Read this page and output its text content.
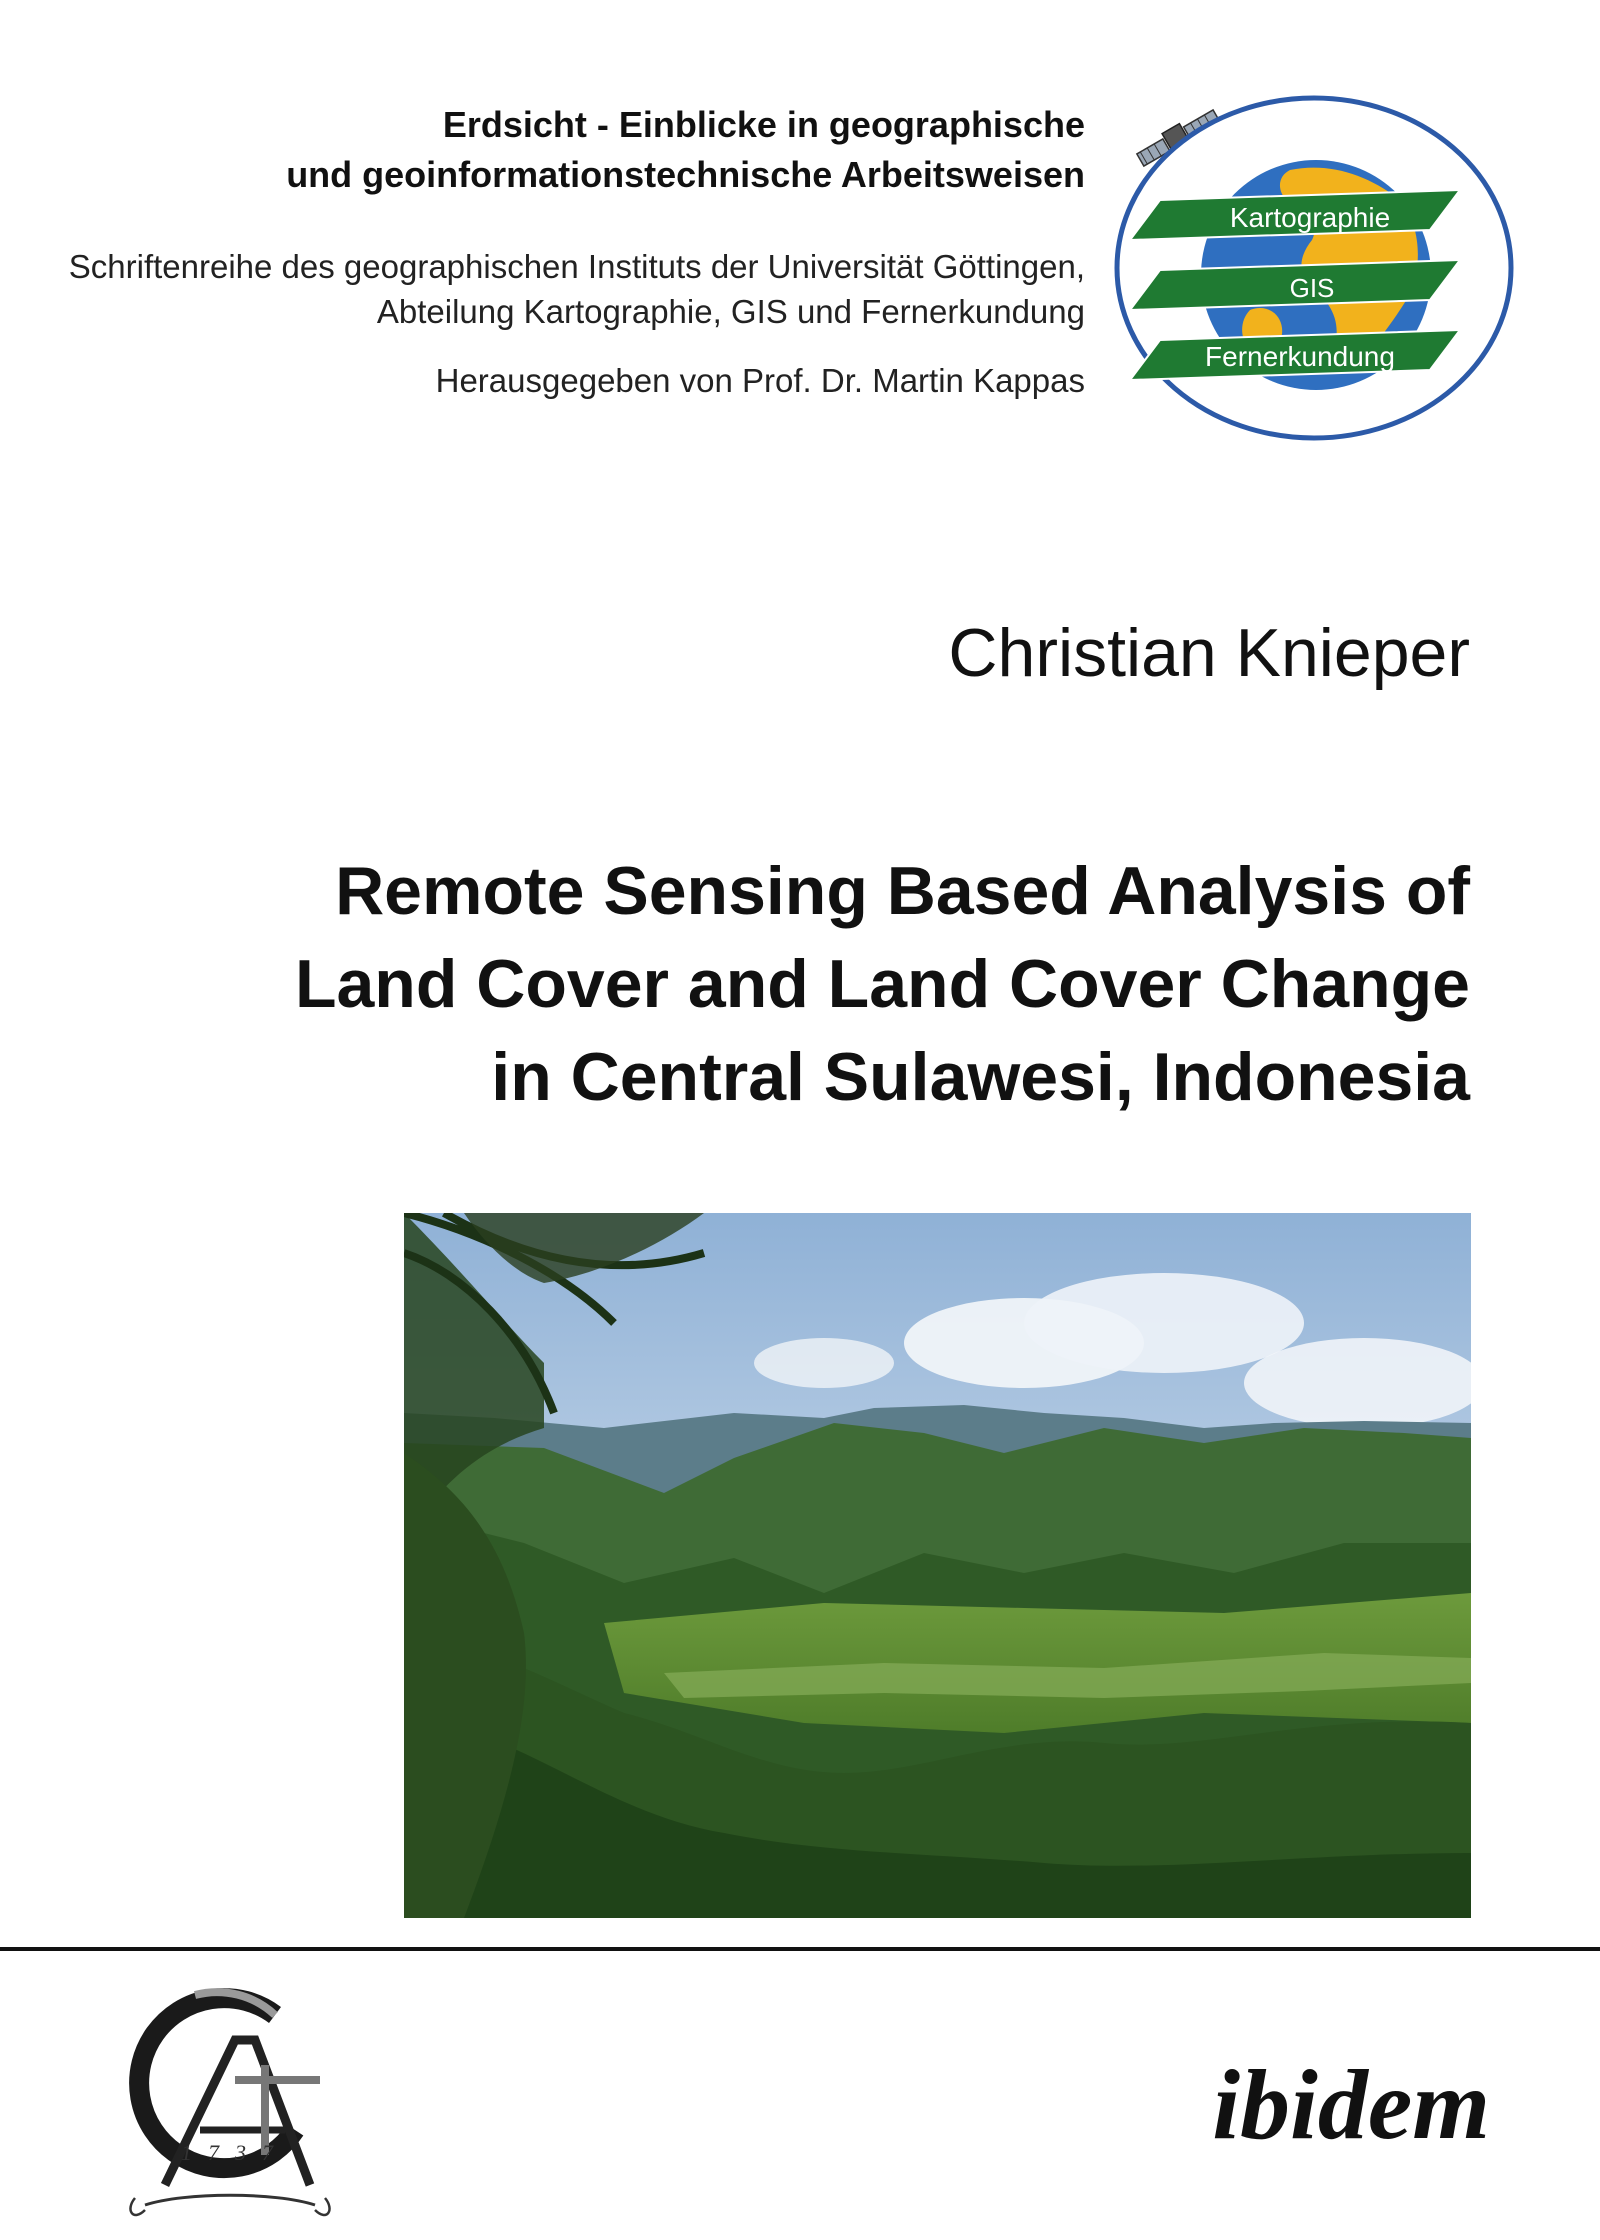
Erdsicht - Einblicke in geographische
und geoinformationstechnische Arbeitsweisen
Schriftenreihe des geographischen Instituts der Universität Göttingen,
Abteilung Kartographie, GIS und Fernerkundung
Herausgegeben von Prof. Dr. Martin Kappas
Kartographie
GIS
Fernerkundung
Christian Knieper
Remote Sensing Based Analysis of
Land Cover and Land Cover Change
in Central Sulawesi, Indonesia
1737	ibidem
